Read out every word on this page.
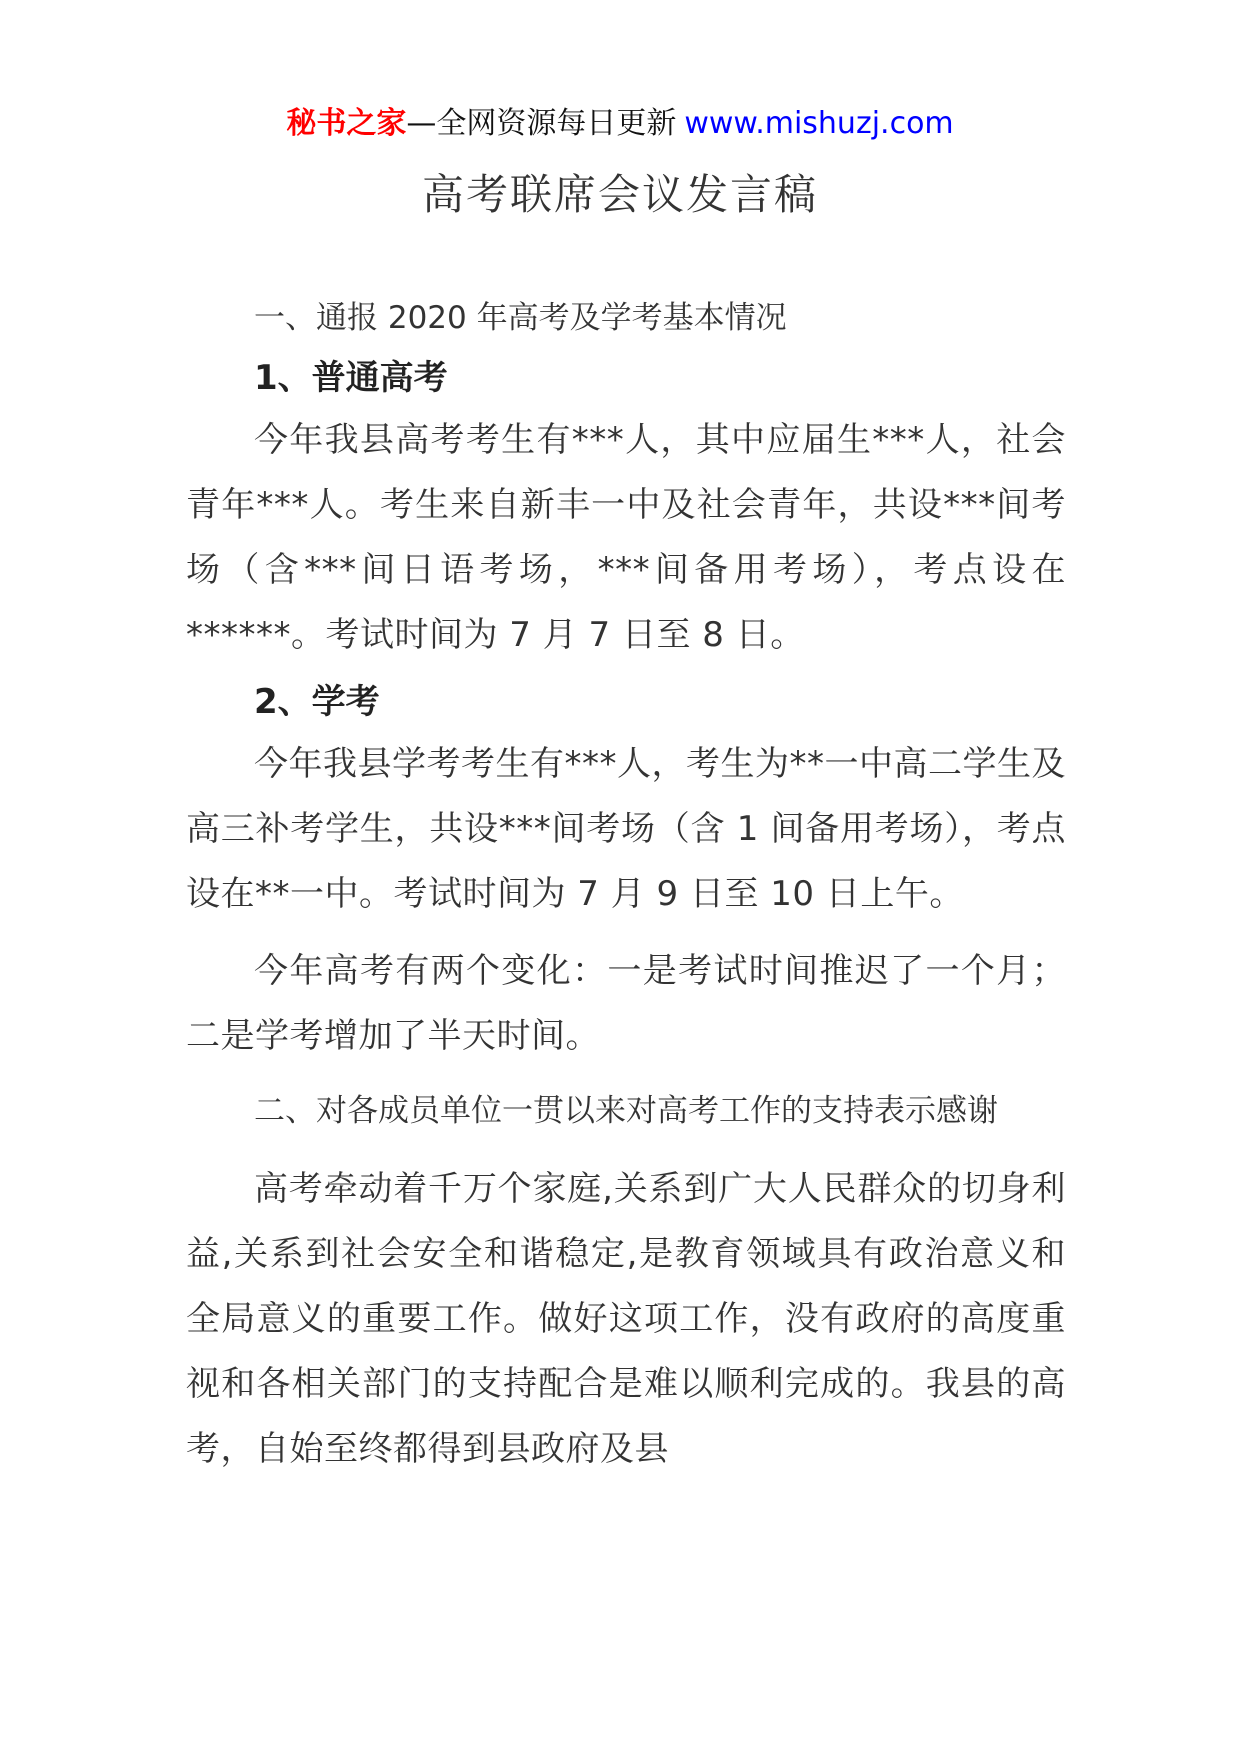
秘书之家—全网资源每日更新 www.mishuzj.com
高考联席会议发言稿

一、通报 2020 年高考及学考基本情况

1、普通高考

今年我县高考考生有***人，其中应届生***人，社会青年***人。考生来自新丰一中及社会青年，共设***间考场（含***间日语考场，***间备用考场），考点设在******。考试时间为 7 月 7 日至 8 日。

2、学考

今年我县学考考生有***人，考生为**一中高二学生及高三补考学生，共设***间考场（含 1 间备用考场），考点设在**一中。考试时间为 7 月 9 日至 10 日上午。

今年高考有两个变化：一是考试时间推迟了一个月；二是学考增加了半天时间。

二、对各成员单位一贯以来对高考工作的支持表示感谢

高考牵动着千万个家庭,关系到广大人民群众的切身利益,关系到社会安全和谐稳定,是教育领域具有政治意义和全局意义的重要工作。做好这项工作，没有政府的高度重视和各相关部门的支持配合是难以顺利完成的。我县的高考，自始至终都得到县政府及县
